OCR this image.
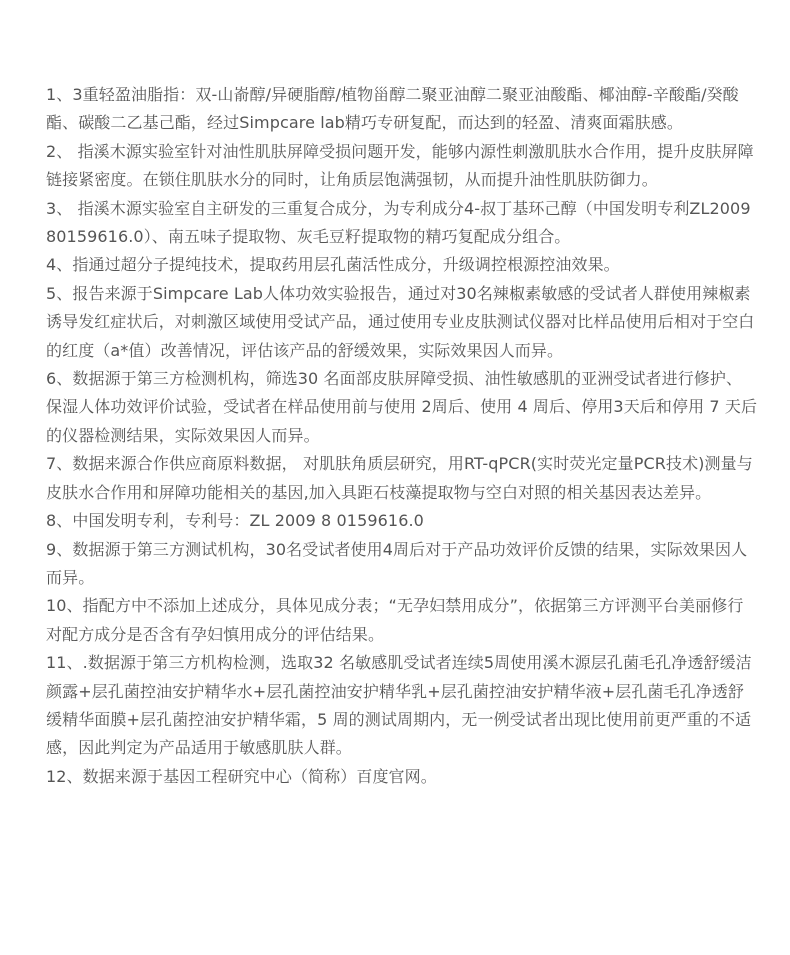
1、3重轻盈油脂指：双-山嵛醇/异硬脂醇/植物甾醇二聚亚油醇二聚亚油酸酯、椰油醇-辛酸酯/癸酸酯、碳酸二乙基己酯，经过Simpcare lab精巧专研复配，而达到的轻盈、清爽面霜肤感。
2、 指溪木源实验室针对油性肌肤屏障受损问题开发，能够内源性刺激肌肤水合作用，提升皮肤屏障链接紧密度。在锁住肌肤水分的同时，让角质层饱满强韧，从而提升油性肌肤防御力。
3、 指溪木源实验室自主研发的三重复合成分，为专利成分4-叔丁基环己醇（中国发明专利ZL200980159616.0）、南五味子提取物、灰毛豆籽提取物的精巧复配成分组合。
4、指通过超分子提纯技术，提取药用层孔菌活性成分，升级调控根源控油效果。
5、报告来源于Simpcare Lab人体功效实验报告，通过对30名辣椒素敏感的受试者人群使用辣椒素诱导发红症状后，对刺激区域使用受试产品，通过使用专业皮肤测试仪器对比样品使用后相对于空白的红度（a*值）改善情况，评估该产品的舒缓效果，实际效果因人而异。
6、数据源于第三方检测机构，筛选30 名面部皮肤屏障受损、油性敏感肌的亚洲受试者进行修护、保湿人体功效评价试验，受试者在样品使用前与使用 2周后、使用 4 周后、停用3天后和停用 7 天后的仪器检测结果，实际效果因人而异。
7、数据来源合作供应商原料数据， 对肌肤角质层研究，用RT-qPCR(实时荧光定量PCR技术)测量与皮肤水合作用和屏障功能相关的基因,加入具距石枝藻提取物与空白对照的相关基因表达差异。
8、中国发明专利，专利号：ZL 2009 8 0159616.0
9、数据源于第三方测试机构，30名受试者使用4周后对于产品功效评价反馈的结果，实际效果因人而异。
10、指配方中不添加上述成分，具体见成分表；“无孕妇禁用成分”，依据第三方评测平台美丽修行对配方成分是否含有孕妇慎用成分的评估结果。
11、.数据源于第三方机构检测，选取32 名敏感肌受试者连续5周使用溪木源层孔菌毛孔净透舒缓洁颜露+层孔菌控油安护精华水+层孔菌控油安护精华乳+层孔菌控油安护精华液+层孔菌毛孔净透舒缓精华面膜+层孔菌控油安护精华霜，5 周的测试周期内，无一例受试者出现比使用前更严重的不适感，因此判定为产品适用于敏感肌肤人群。
12、数据来源于基因工程研究中心（简称）百度官网。
